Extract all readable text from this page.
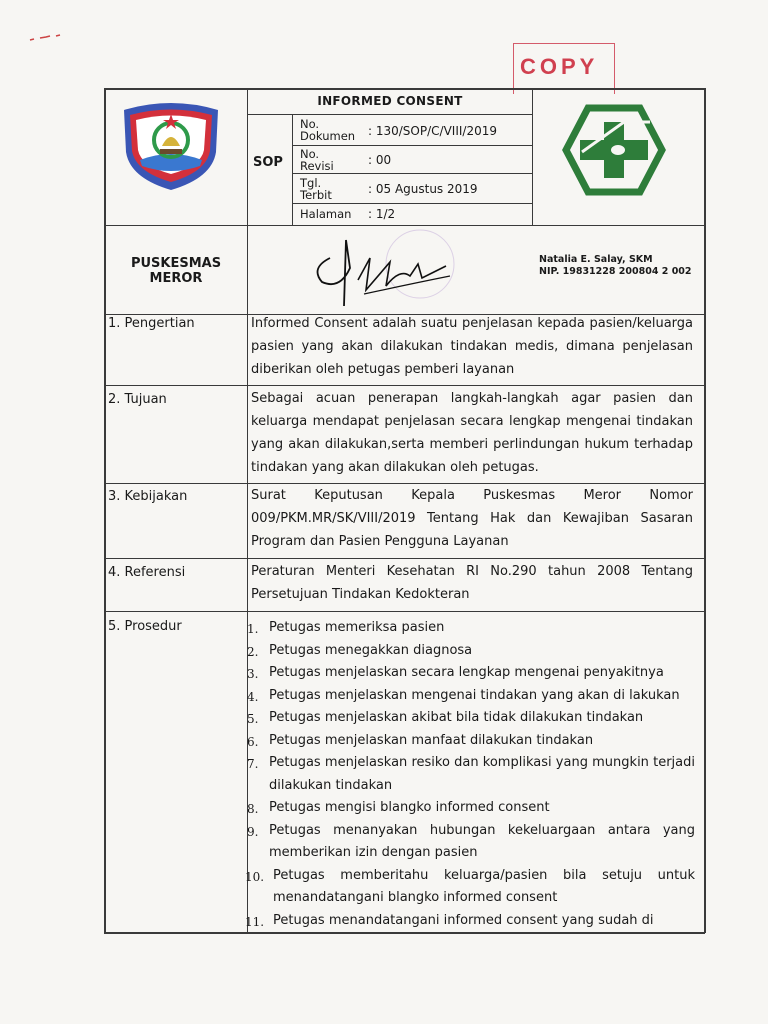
COPY
INFORMED CONSENT
SOP
No. Dokumen	: 130/SOP/C/VIII/2019
No. Revisi	: 00
Tgl. Terbit	: 05 Agustus 2019
Halaman : 1/2
PUSKESMAS
MEROR
Natalia E. Salay, SKM
NIP. 19831228 200804 2 002
1. Pengertian	Informed Consent adalah suatu penjelasan kepada pasien/keluarga pasien yang akan dilakukan tindakan medis, dimana penjelasan diberikan oleh petugas pemberi layanan
2. Tujuan	Sebagai acuan penerapan langkah-langkah agar pasien dan keluarga mendapat penjelasan secara lengkap mengenai tindakan yang akan dilakukan,serta memberi perlindungan hukum terhadap tindakan yang akan dilakukan oleh petugas.
3. Kebijakan	Surat Keputusan Kepala Puskesmas Meror Nomor 009/PKM.MR/SK/VIII/2019 Tentang Hak dan Kewajiban Sasaran Program dan Pasien Pengguna Layanan
4. Referensi	Peraturan Menteri Kesehatan RI No.290 tahun 2008 Tentang Persetujuan Tindakan Kedokteran
5. Prosedur	1. Petugas memeriksa pasien
2. Petugas menegakkan diagnosa
3. Petugas menjelaskan secara lengkap mengenai penyakitnya
4. Petugas menjelaskan mengenai tindakan yang akan di lakukan
5. Petugas menjelaskan akibat bila tidak dilakukan tindakan
6. Petugas menjelaskan manfaat dilakukan tindakan
7. Petugas menjelaskan resiko dan komplikasi yang mungkin terjadi dilakukan tindakan
8. Petugas mengisi blangko informed consent
9. Petugas menanyakan hubungan kekeluargaan antara yang memberikan izin dengan pasien
10. Petugas memberitahu keluarga/pasien bila setuju untuk menandatangani blangko informed consent
11. Petugas menandatangani informed consent yang sudah di
